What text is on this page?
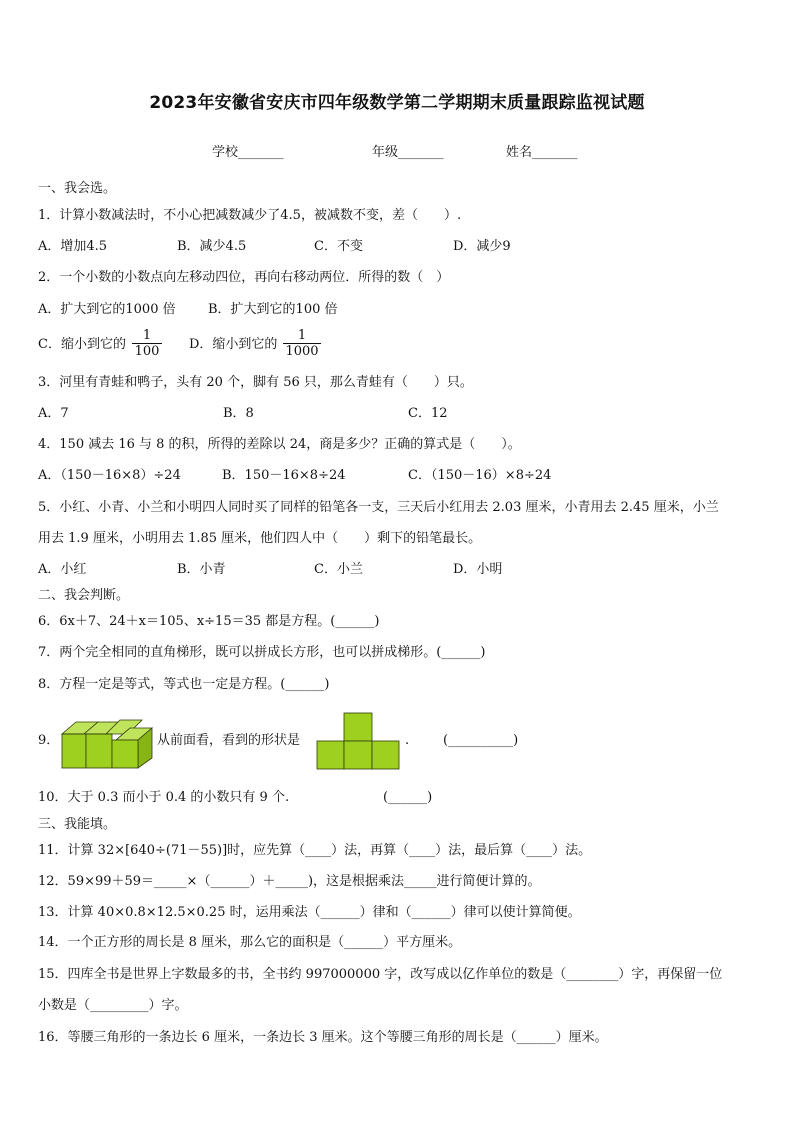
2023年安徽省安庆市四年级数学第二学期期末质量跟踪监视试题
学校_______	年级_______	姓名_______
一、我会选。
1．计算小数减法时，不小心把减数减少了4.5，被减数不变，差（　　）.
A．增加4.5	B．减少4.5	C．不变	D．减少9
2．一个小数的小数点向左移动四位，再向右移动两位．所得的数（　）
A．扩大到它的1000 倍 B．扩大到它的100 倍
C．缩小到它的
1
100 D．缩小到它的
1
1000
3．河里有青蛙和鸭子，头有 20 个，脚有 56 只，那么青蛙有（　　）只。
A．7	B．8	C．12
4．150 减去 16 与 8 的积，所得的差除以 24，商是多少？正确的算式是（　　）。
A．（150－16×8）÷24	B．150－16×8÷24	C．（150－16）×8÷24
5．小红、小青、小兰和小明四人同时买了同样的铅笔各一支，三天后小红用去 2.03 厘米，小青用去 2.45 厘米，小兰
用去 1.9 厘米，小明用去 1.85 厘米，他们四人中（　　）剩下的铅笔最长。
A．小红	B．小青	C．小兰	D．小明
二、我会判断。
6．6x＋7、24＋x＝105、x÷15＝35 都是方程。(______)
7．两个完全相同的直角梯形，既可以拼成长方形，也可以拼成梯形。(______)
8．方程一定是等式，等式也一定是方程。(______)
9．	从前面看，看到的形状是	.	(__________)
10．大于 0.3 而小于 0.4 的小数只有 9 个.	(______)
三、我能填。
11．计算 32×[640÷(71－55)]时，应先算（____）法，再算（____）法，最后算（____）法。
12．59×99＋59＝_____×（______）＋_____)，这是根据乘法_____进行简便计算的。
13．计算 40×0.8×12.5×0.25 时，运用乘法（______）律和（______）律可以使计算简便。
14．一个正方形的周长是 8 厘米，那么它的面积是（______）平方厘米。
15．四库全书是世界上字数最多的书，全书约 997000000 字，改写成以亿作单位的数是（________）字，再保留一位
小数是（_________）字。
16．等腰三角形的一条边长 6 厘米，一条边长 3 厘米。这个等腰三角形的周长是（______）厘米。
